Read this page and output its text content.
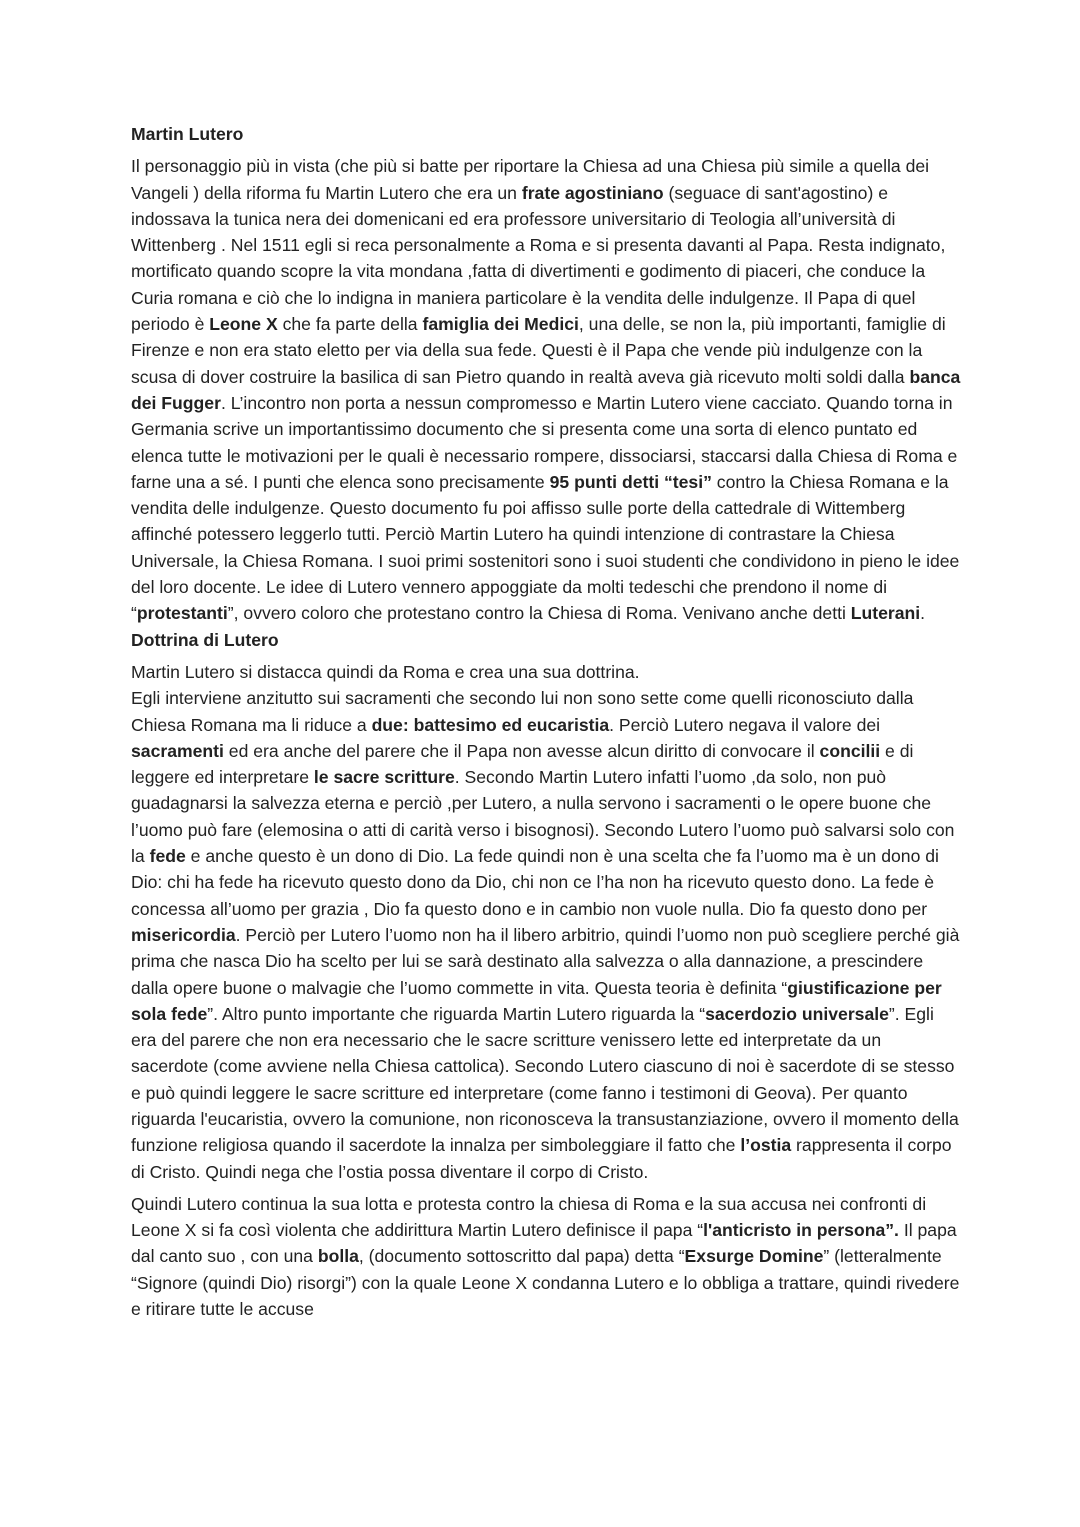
Martin Lutero

Il personaggio più in vista (che più si batte per riportare la Chiesa ad una Chiesa più simile a quella dei Vangeli ) della riforma fu Martin Lutero che era un frate agostiniano (seguace di sant'agostino) e indossava la tunica nera dei domenicani ed era professore universitario di Teologia all’università di Wittenberg . Nel 1511 egli si reca personalmente a Roma e si presenta davanti al Papa. Resta indignato, mortificato quando scopre la vita mondana ,fatta di divertimenti e godimento di piaceri, che conduce la Curia romana e ciò che lo indigna in maniera particolare è la vendita delle indulgenze. Il Papa di quel periodo è Leone X che fa parte della famiglia dei Medici, una delle, se non la, più importanti, famiglie di Firenze e non era stato eletto per via della sua fede. Questi è il Papa che vende più indulgenze con la scusa di dover costruire la basilica di san Pietro quando in realtà aveva già ricevuto molti soldi dalla banca dei Fugger. L’incontro non porta a nessun compromesso e Martin Lutero viene cacciato. Quando torna in Germania scrive un importantissimo documento che si presenta come una sorta di elenco puntato ed elenca tutte le motivazioni per le quali è necessario rompere, dissociarsi, staccarsi dalla Chiesa di Roma e farne una a sé. I punti che elenca sono precisamente 95 punti detti “tesi” contro la Chiesa Romana e la vendita delle indulgenze. Questo documento fu poi affisso sulle porte della cattedrale di Wittemberg affinché potessero leggerlo tutti. Perciò Martin Lutero ha quindi intenzione di contrastare la Chiesa Universale, la Chiesa Romana. I suoi primi sostenitori sono i suoi studenti che condividono in pieno le idee del loro docente. Le idee di Lutero vennero appoggiate da molti tedeschi che prendono il nome di “protestanti”, ovvero coloro che protestano contro la Chiesa di Roma. Venivano anche detti Luterani.

Dottrina di Lutero

Martin Lutero si distacca quindi da Roma e crea una sua dottrina.

Egli interviene anzitutto sui sacramenti che secondo lui non sono sette come quelli riconosciuto dalla Chiesa Romana ma li riduce a due: battesimo ed eucaristia. Perciò Lutero negava il valore dei sacramenti ed era anche del parere che il Papa non avesse alcun diritto di convocare il concilii e di leggere ed interpretare le sacre scritture. Secondo Martin Lutero infatti l’uomo ,da solo, non può guadagnarsi la salvezza eterna e perciò ,per Lutero, a nulla servono i sacramenti o le opere buone che l’uomo può fare (elemosina o atti di carità verso i bisognosi). Secondo Lutero l’uomo può salvarsi solo con la fede e anche questo è un dono di Dio. La fede quindi non è una scelta che fa l’uomo ma è un dono di Dio: chi ha fede ha ricevuto questo dono da Dio, chi non ce l’ha non ha ricevuto questo dono. La fede è concessa all’uomo per grazia , Dio fa questo dono e in cambio non vuole nulla. Dio fa questo dono per misericordia. Perciò per Lutero l’uomo non ha il libero arbitrio, quindi l’uomo non può scegliere perché già prima che nasca Dio ha scelto per lui se sarà destinato alla salvezza o alla dannazione, a prescindere dalla opere buone o malvagie che l’uomo commette in vita. Questa teoria è definita “giustificazione per sola fede”. Altro punto importante che riguarda Martin Lutero riguarda la “sacerdozio universale”. Egli era del parere che non era necessario che le sacre scritture venissero lette ed interpretate da un sacerdote (come avviene nella Chiesa cattolica). Secondo Lutero ciascuno di noi è sacerdote di se stesso e può quindi leggere le sacre scritture ed interpretare (come fanno i testimoni di Geova). Per quanto riguarda l'eucaristia, ovvero la comunione, non riconosceva la transustanziazione, ovvero il momento della funzione religiosa quando il sacerdote la innalza per simboleggiare il fatto che l’ostia rappresenta il corpo di Cristo. Quindi nega che l’ostia possa diventare il corpo di Cristo.

Quindi Lutero continua la sua lotta e protesta contro la chiesa di Roma e la sua accusa nei confronti di Leone X si fa così violenta che addirittura Martin Lutero definisce il papa “l'anticristo in persona”. Il papa dal canto suo , con una bolla, (documento sottoscritto dal papa) detta “Exsurge Domine” (letteralmente “Signore (quindi Dio) risorgi”) con la quale Leone X condanna Lutero e lo obbliga a trattare, quindi rivedere e ritirare tutte le accuse
